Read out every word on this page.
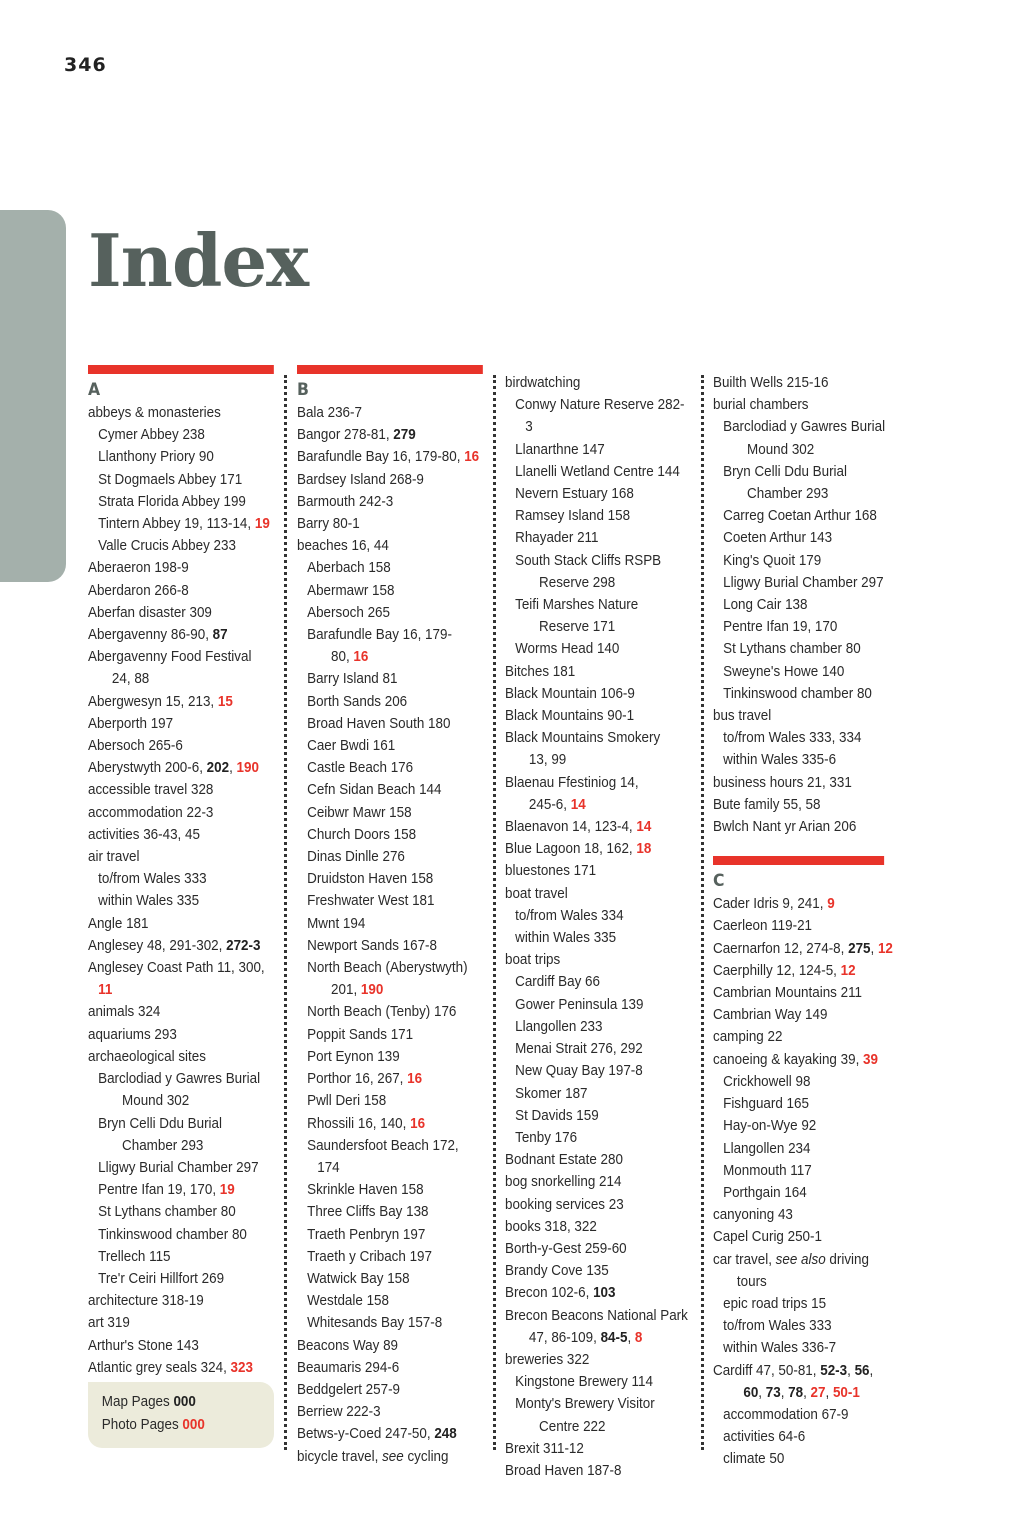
346
Index
A
abbeys & monasteries
Cymer Abbey 238
Llanthony Priory 90
St Dogmaels Abbey 171
Strata Florida Abbey 199
Tintern Abbey 19, 113-14, 19
Valle Crucis Abbey 233
Aberaeron 198-9
Aberdaron 266-8
Aberfan disaster 309
Abergavenny 86-90, 87
Abergavenny Food Festival
24, 88
Abergwesyn 15, 213, 15
Aberporth 197
Abersoch 265-6
Aberystwyth 200-6, 202, 190
accessible travel 328
accommodation 22-3
activities 36-43, 45
air travel
to/from Wales 333
within Wales 335
Angle 181
Anglesey 48, 291-302, 272-3
Anglesey Coast Path 11, 300, 11
animals 324
aquariums 293
archaeological sites
Barclodiad y Gawres Burial
Mound 302
Bryn Celli Ddu Burial
Chamber 293
Lligwy Burial Chamber 297
Pentre Ifan 19, 170, 19
St Lythans chamber 80
Tinkinswood chamber 80
Trellech 115
Tre'r Ceiri Hillfort 269
architecture 318-19
art 319
Arthur's Stone 143
Atlantic grey seals 324, 323
Map Pages 000
Photo Pages 000
B
Bala 236-7
Bangor 278-81, 279
Barafundle Bay 16, 179-80, 16
Bardsey Island 268-9
Barmouth 242-3
Barry 80-1
beaches 16, 44
Aberbach 158
Abermawr 158
Abersoch 265
Barafundle Bay 16, 179-
80, 16
Barry Island 81
Borth Sands 206
Broad Haven South 180
Caer Bwdi 161
Castle Beach 176
Cefn Sidan Beach 144
Ceibwr Mawr 158
Church Doors 158
Dinas Dinlle 276
Druidston Haven 158
Freshwater West 181
Mwnt 194
Newport Sands 167-8
North Beach (Aberystwyth)
201, 190
North Beach (Tenby) 176
Poppit Sands 171
Port Eynon 139
Porthor 16, 267, 16
Pwll Deri 158
Rhossili 16, 140, 16
Saundersfoot Beach 172, 174
Skrinkle Haven 158
Three Cliffs Bay 138
Traeth Penbryn 197
Traeth y Cribach 197
Watwick Bay 158
Westdale 158
Whitesands Bay 157-8
Beacons Way 89
Beaumaris 294-6
Beddgelert 257-9
Berriew 222-3
Betws-y-Coed 247-50, 248
bicycle travel, see cycling
birdwatching
Conwy Nature Reserve 282-3
Llanarthne 147
Llanelli Wetland Centre 144
Nevern Estuary 168
Ramsey Island 158
Rhayader 211
South Stack Cliffs RSPB
Reserve 298
Teifi Marshes Nature
Reserve 171
Worms Head 140
Bitches 181
Black Mountain 106-9
Black Mountains 90-1
Black Mountains Smokery
13, 99
Blaenau Ffestiniog 14,
245-6, 14
Blaenavon 14, 123-4, 14
Blue Lagoon 18, 162, 18
bluestones 171
boat travel
to/from Wales 334
within Wales 335
boat trips
Cardiff Bay 66
Gower Peninsula 139
Llangollen 233
Menai Strait 276, 292
New Quay Bay 197-8
Skomer 187
St Davids 159
Tenby 176
Bodnant Estate 280
bog snorkelling 214
booking services 23
books 318, 322
Borth-y-Gest 259-60
Brandy Cove 135
Brecon 102-6, 103
Brecon Beacons National Park
47, 86-109, 84-5, 8
breweries 322
Kingstone Brewery 114
Monty's Brewery Visitor
Centre 222
Brexit 311-12
Broad Haven 187-8
Builth Wells 215-16
burial chambers
Barclodiad y Gawres Burial
Mound 302
Bryn Celli Ddu Burial
Chamber 293
Carreg Coetan Arthur 168
Coeten Arthur 143
King's Quoit 179
Lligwy Burial Chamber 297
Long Cair 138
Pentre Ifan 19, 170
St Lythans chamber 80
Sweyne's Howe 140
Tinkinswood chamber 80
bus travel
to/from Wales 333, 334
within Wales 335-6
business hours 21, 331
Bute family 55, 58
Bwlch Nant yr Arian 206
C
Cader Idris 9, 241, 9
Caerleon 119-21
Caernarfon 12, 274-8, 275, 12
Caerphilly 12, 124-5, 12
Cambrian Mountains 211
Cambrian Way 149
camping 22
canoeing & kayaking 39, 39
Crickhowell 98
Fishguard 165
Hay-on-Wye 92
Llangollen 234
Monmouth 117
Porthgain 164
canyoning 43
Capel Curig 250-1
car travel, see also driving
tours
epic road trips 15
to/from Wales 333
within Wales 336-7
Cardiff 47, 50-81, 52-3, 56,
60, 73, 78, 27, 50-1
accommodation 67-9
activities 64-6
climate 50
